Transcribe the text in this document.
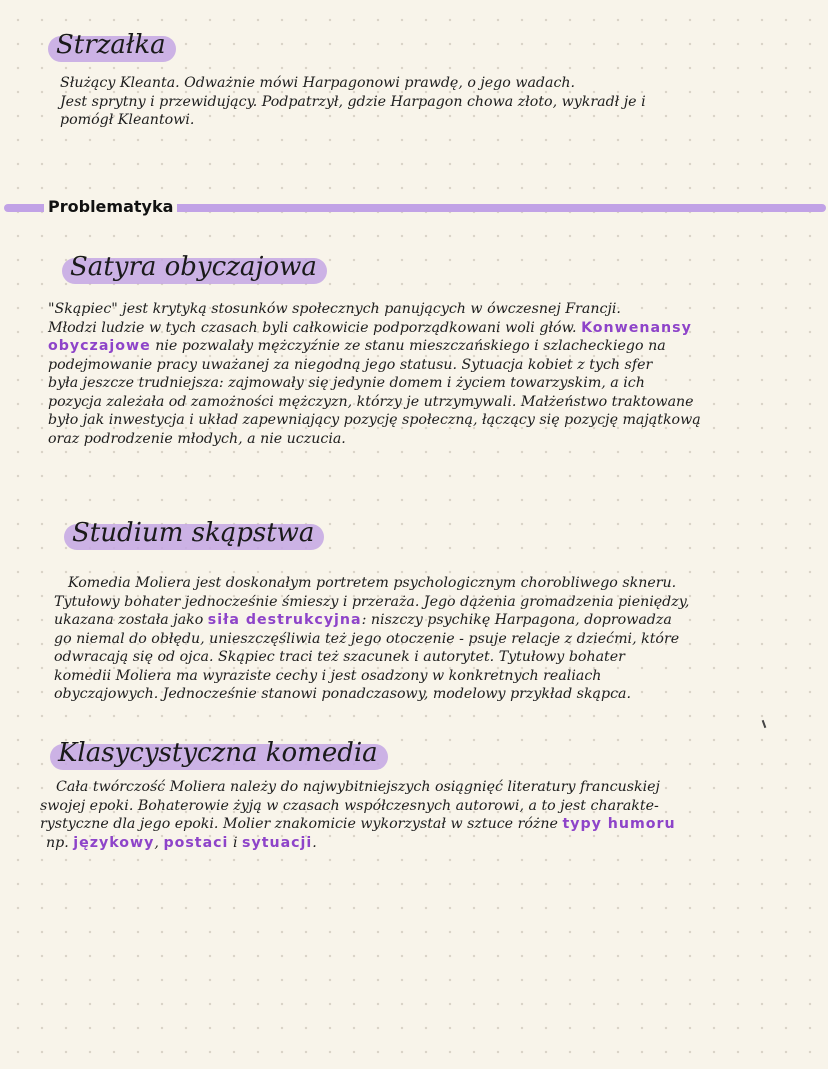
Strzałka
Służący Kleanta. Odważnie mówi Harpagonowi prawdę, o jego wadach.
Jest sprytny i przewidujący. Podpatrzył, gdzie Harpagon chowa złoto, wykradł je i
pomógł Kleantowi.
Problematyka
Satyra obyczajowa
"Skąpiec" jest krytyką stosunków społecznych panujących w ówczesnej Francji.
Młodzi ludzie w tych czasach byli całkowicie podporządkowani woli głów. Konwenansy
obyczajowe nie pozwalały mężczyźnie ze stanu mieszczańskiego i szlacheckiego na
podejmowanie pracy uważanej za niegodną jego statusu. Sytuacja kobiet z tych sfer
była jeszcze trudniejsza: zajmowały się jedynie domem i życiem towarzyskim, a ich
pozycja zależała od zamożności mężczyzn, którzy je utrzymywali. Małżeństwo traktowane
było jak inwestycja i układ zapewniający pozycję społeczną, łączący się pozycję majątkową
oraz podrodzenie młodych, a nie uczucia.
Studium skąpstwa
Komedia Moliera jest doskonałym portretem psychologicznym chorobliwego skneru.
Tytułowy bohater jednocześnie śmieszy i przeraża. Jego dążenia gromadzenia pieniędzy,
ukazana została jako siła destrukcyjna: niszczy psychikę Harpagona, doprowadza
go niemal do obłędu, unieszczęśliwia też jego otoczenie - psuje relacje z dziećmi, które
odwracają się od ojca. Skąpiec traci też szacunek i autorytet. Tytułowy bohater
komedii Moliera ma wyraziste cechy i jest osadzony w konkretnych realiach
obyczajowych. Jednocześnie stanowi ponadczasowy, modelowy przykład skąpca.
Klasycystyczna komedia
Cała twórczość Moliera należy do najwybitniejszych osiągnięć literatury francuskiej
swojej epoki. Bohaterowie żyją w czasach współczesnych autorowi, a to jest charakte-
rystyczne dla jego epoki. Molier znakomicie wykorzystał w sztuce różne typy humoru
np. językowy, postaci i sytuacji.
